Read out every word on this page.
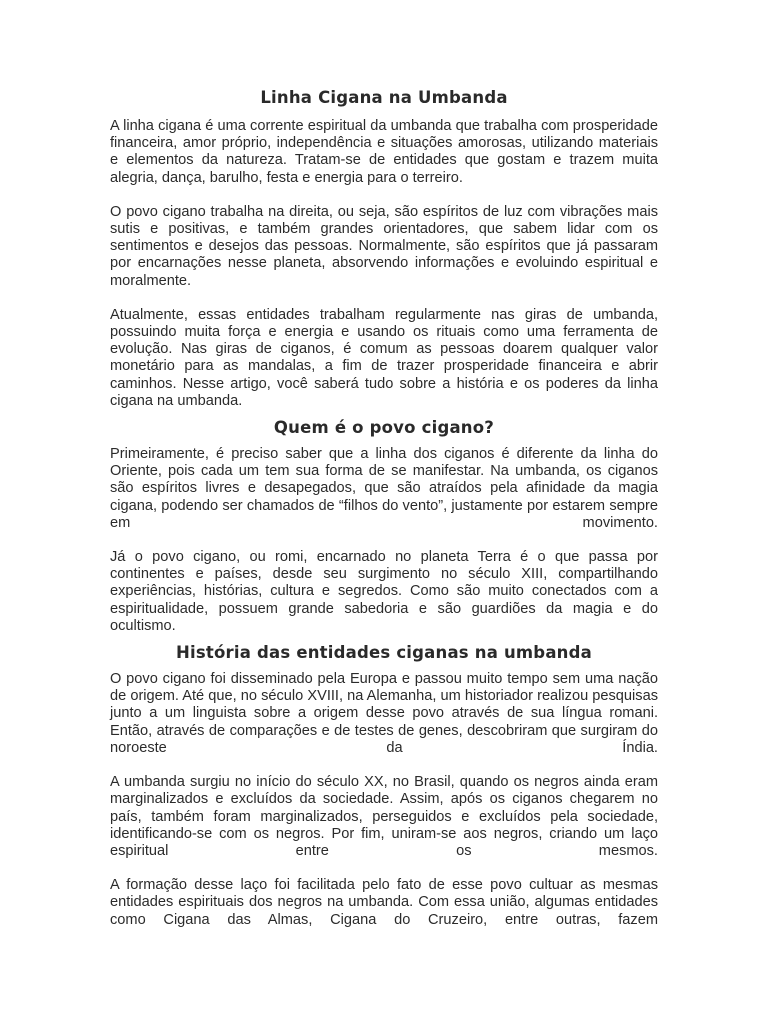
Linha Cigana na Umbanda

A linha cigana é uma corrente espiritual da umbanda que trabalha com prosperidade financeira, amor próprio, independência e situações amorosas, utilizando materiais e elementos da natureza. Tratam-se de entidades que gostam e trazem muita alegria, dança, barulho, festa e energia para o terreiro.

O povo cigano trabalha na direita, ou seja, são espíritos de luz com vibrações mais sutis e positivas, e também grandes orientadores, que sabem lidar com os sentimentos e desejos das pessoas. Normalmente, são espíritos que já passaram por encarnações nesse planeta, absorvendo informações e evoluindo espiritual e moralmente.

Atualmente, essas entidades trabalham regularmente nas giras de umbanda, possuindo muita força e energia e usando os rituais como uma ferramenta de evolução. Nas giras de ciganos, é comum as pessoas doarem qualquer valor monetário para as mandalas, a fim de trazer prosperidade financeira e abrir caminhos. Nesse artigo, você saberá tudo sobre a história e os poderes da linha cigana na umbanda.

Quem é o povo cigano?

Primeiramente, é preciso saber que a linha dos ciganos é diferente da linha do Oriente, pois cada um tem sua forma de se manifestar. Na umbanda, os ciganos são espíritos livres e desapegados, que são atraídos pela afinidade da magia cigana, podendo ser chamados de “filhos do vento”, justamente por estarem sempre em movimento.

Já o povo cigano, ou romi, encarnado no planeta Terra é o que passa por continentes e países, desde seu surgimento no século XIII, compartilhando experiências, histórias, cultura e segredos. Como são muito conectados com a espiritualidade, possuem grande sabedoria e são guardiões da magia e do ocultismo.

História das entidades ciganas na umbanda

O povo cigano foi disseminado pela Europa e passou muito tempo sem uma nação de origem. Até que, no século XVIII, na Alemanha, um historiador realizou pesquisas junto a um linguista sobre a origem desse povo através de sua língua romani. Então, através de comparações e de testes de genes, descobriram que surgiram do noroeste da Índia.

A umbanda surgiu no início do século XX, no Brasil, quando os negros ainda eram marginalizados e excluídos da sociedade. Assim, após os ciganos chegarem no país, também foram marginalizados, perseguidos e excluídos pela sociedade, identificando-se com os negros. Por fim, uniram-se aos negros, criando um laço espiritual entre os mesmos.

A formação desse laço foi facilitada pelo fato de esse povo cultuar as mesmas entidades espirituais dos negros na umbanda. Com essa união, algumas entidades como Cigana das Almas, Cigana do Cruzeiro, entre outras, fazem
